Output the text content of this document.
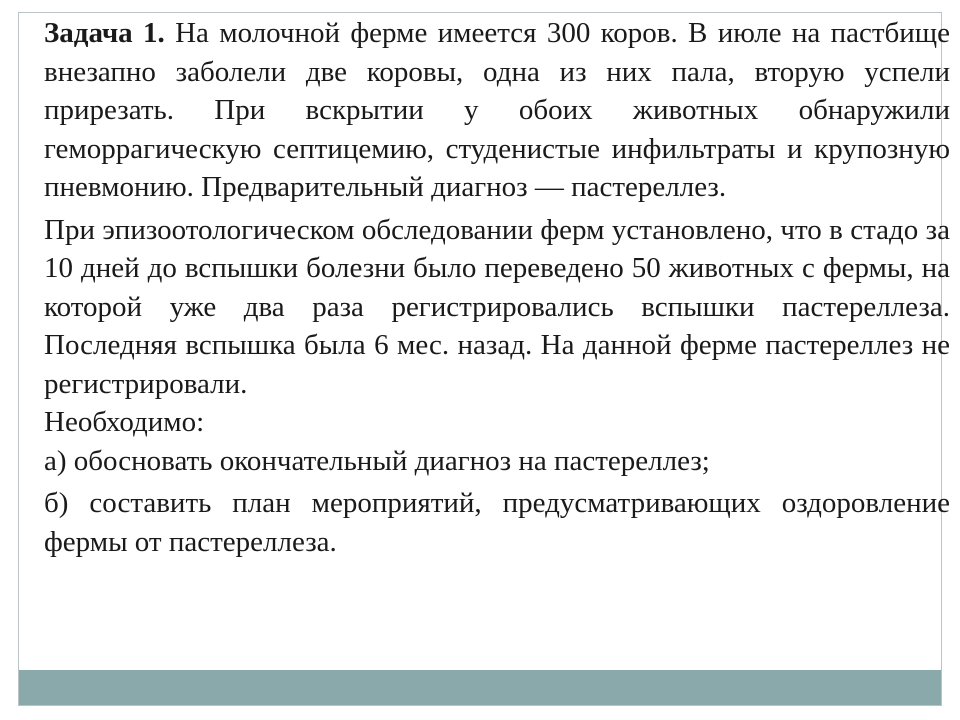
Задача 1. На молочной ферме имеется 300 коров. В июле на пастбище внезапно заболели две коровы, одна из них пала, вторую успели прирезать. При вскрытии у обоих животных обнаружили геморрагическую септицемию, студенистые инфильтраты и крупозную пневмонию. Предварительный диагноз — пастереллез.

При эпизоотологическом обследовании ферм установлено, что в стадо за 10 дней до вспышки болезни было переведено 50 животных с фермы, на которой уже два раза регистрировались вспышки пастереллеза. Последняя вспышка была 6 мес. назад. На данной ферме пастереллез не регистрировали.

Необходимо:

а) обосновать окончательный диагноз на пастереллез;

б) составить план мероприятий, предусматривающих оздоровление фермы от пастереллеза.
